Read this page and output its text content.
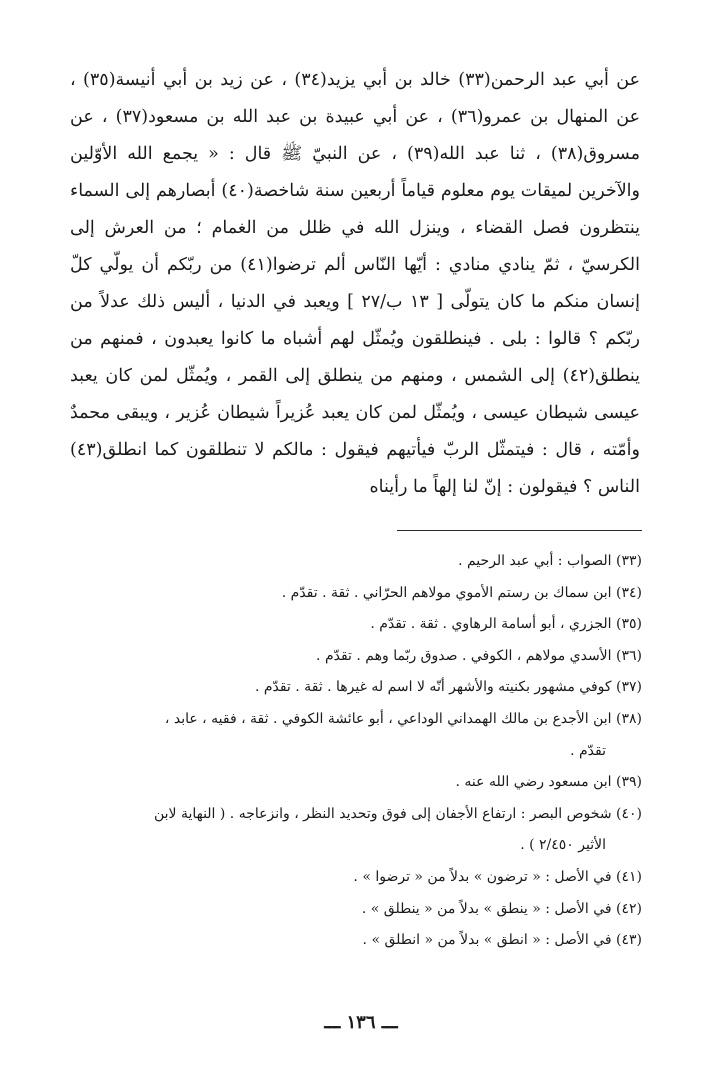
عن أبي عبد الرحمن(٣٣) خالد بن أبي يزيد(٣٤) ، عن زيد بن أبي أنيسة(٣٥) ، عن المنهال بن عمرو(٣٦) ، عن أبي عبيدة بن عبد الله بن مسعود(٣٧) ، عن مسروق(٣٨) ، ثنا عبد الله(٣٩) ، عن النبيّ ﷺ قال : « يجمع الله الأوّلين والآخرين لميقات يوم معلوم قياماً أربعين سنة شاخصة(٤٠) أبصارهم إلى السماء ينتظرون فصل القضاء ، وينزل الله في ظلل من الغمام ؛ من العرش إلى الكرسيّ ، ثمّ ينادي منادي : أيّها النّاس ألم ترضوا(٤١) من ربّكم أن يولّي كلّ إنسان منكم ما كان يتولّى [ ١٣ ب/٢٧ ] ويعبد في الدنيا ، أليس ذلك عدلاً من ربّكم ؟ قالوا : بلى . فينطلقون ويُمثّل لهم أشباه ما كانوا يعبدون ، فمنهم من ينطلق(٤٢) إلى الشمس ، ومنهم من ينطلق إلى القمر ، ويُمثّل لمن كان يعبد عيسى شيطان عيسى ، ويُمثّل لمن كان يعبد عُزيراً شيطان عُزير ، ويبقى محمدٌ وأمّته ، قال : فيتمثّل الربّ فيأتيهم فيقول : مالكم لا تنطلقون كما انطلق(٤٣) الناس ؟ فيقولون : إنّ لنا إلهاً ما رأيناه

(٣٣) الصواب : أبي عبد الرحيم .

(٣٤) ابن سماك بن رستم الأموي مولاهم الحرّاني . ثقة . تقدّم .

(٣٥) الجزري ، أبو أسامة الرهاوي . ثقة . تقدّم .

(٣٦) الأسدي مولاهم ، الكوفي . صدوق ربّما وهم . تقدّم .

(٣٧) كوفي مشهور بكنيته والأشهر أنّه لا اسم له غيرها . ثقة . تقدّم .

(٣٨) ابن الأجدع بن مالك الهمداني الوداعي ، أبو عائشة الكوفي . ثقة ، فقيه ، عابد ،

تقدّم .

(٣٩) ابن مسعود رضي الله عنه .

(٤٠) شخوص البصر : ارتفاع الأجفان إلى فوق وتحديد النظر ، وانزعاجه . ( النهاية لابن

الأثير ٢/٤٥٠ ) .

(٤١) في الأصل : « ترضون » بدلاً من « ترضوا » .

(٤٢) في الأصل : « ينطق » بدلاً من « ينطلق » .

(٤٣) في الأصل : « انطق » بدلاً من « انطلق » .

ـــ ١٣٦ ـــ
